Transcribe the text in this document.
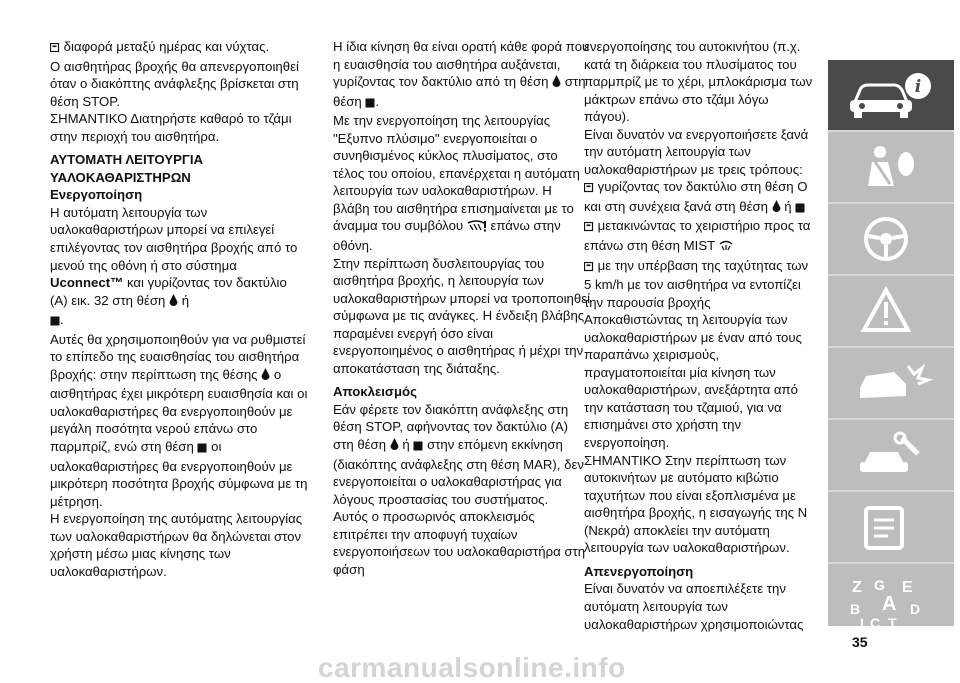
διαφορά μεταξύ ημέρας και νύχτας.

Ο αισθητήρας βροχής θα απενεργοποιηθεί όταν ο διακόπτης ανάφλεξης βρίσκεται στη θέση STOP.

ΣΗΜΑΝΤΙΚΟ Διατηρήστε καθαρό το τζάμι στην περιοχή του αισθητήρα.

ΑΥΤΟΜΑΤΗ ΛΕΙΤΟΥΡΓΙΑ

ΥΑΛΟΚΑΘΑΡΙΣΤΗΡΩΝ

Ενεργοποίηση

Η αυτόματη λειτουργία των υαλοκαθαριστήρων μπορεί να επιλεγεί επιλέγοντας τον αισθητήρα βροχής από το μενού της οθόνη ή στο σύστημα Uconnect™ και γυρίζοντας τον δακτύλιο (A) εικ. 32 στη θέση ή
.

Αυτές θα χρησιμοποιηθούν για να ρυθμιστεί το επίπεδο της ευαισθησίας του αισθητήρα βροχής: στην περίπτωση της θέσης ο αισθητήρας έχει μικρότερη ευαισθησία και οι υαλοκαθαριστήρες θα ενεργοποιηθούν με μεγάλη ποσότητα νερού επάνω στο παρμπρίζ, ενώ στη θέση οι υαλοκαθαριστήρες θα ενεργοποιηθούν με μικρότερη ποσότητα βροχής σύμφωνα με τη μέτρηση.

Η ενεργοποίηση της αυτόματης λειτουργίας των υαλοκαθαριστήρων θα δηλώνεται στον χρήστη μέσω μιας κίνησης των υαλοκαθαριστήρων.

Η ίδια κίνηση θα είναι ορατή κάθε φορά που η ευαισθησία του αισθητήρα αυξάνεται, γυρίζοντας τον δακτύλιο από τη θέση στη θέση .

Με την ενεργοποίηση της λειτουργίας "Εξυπνο πλύσιμο" ενεργοποιείται ο συνηθισμένος κύκλος πλυσίματος, στο τέλος του οποίου, επανέρχεται η αυτόματη λειτουργία των υαλοκαθαριστήρων. Η βλάβη του αισθητήρα επισημαίνεται με το άναμμα του συμβόλου επάνω στην οθόνη.

Στην περίπτωση δυσλειτουργίας του αισθητήρα βροχής, η λειτουργία των υαλοκαθαριστήρων μπορεί να τροποποιηθεί σύμφωνα με τις ανάγκες. Η ένδειξη βλάβης παραμένει ενεργή όσο είναι ενεργοποιημένος ο αισθητήρας ή μέχρι την αποκατάσταση της διάταξης.

Αποκλεισμός

Εάν φέρετε τον διακόπτη ανάφλεξης στη θέση STOP, αφήνοντας τον δακτύλιο (A) στη θέση ή στην επόμενη εκκίνηση (διακόπτης ανάφλεξης στη θέση MAR), δεν ενεργοποιείται ο υαλοκαθαριστήρας για λόγους προστασίας του συστήματος.

Αυτός ο προσωρινός αποκλεισμός επιτρέπει την αποφυγή τυχαίων ενεργοποιήσεων του υαλοκαθαριστήρα στη φάση

ενεργοποίησης του αυτοκινήτου (π.χ. κατά τη διάρκεια του πλυσίματος του παρμπρίζ με το χέρι, μπλοκάρισμα των μάκτρων επάνω στο τζάμι λόγω πάγου).

Είναι δυνατόν να ενεργοποιήσετε ξανά την αυτόματη λειτουργία των υαλοκαθαριστήρων με τρεις τρόπους:

γυρίζοντας τον δακτύλιο στη θέση O και στη συνέχεια ξανά στη θέση ή

μετακινώντας το χειριστήριο προς τα επάνω στη θέση MIST

με την υπέρβαση της ταχύτητας των 5 km/h με τον αισθητήρα να εντοπίζει την παρουσία βροχής

Αποκαθιστώντας τη λειτουργία των υαλοκαθαριστήρων με έναν από τους παραπάνω χειρισμούς, πραγματοποιείται μία κίνηση των υαλοκαθαριστήρων, ανεξάρτητα από την κατάσταση του τζαμιού, για να επισημάνει στο χρήστη την ενεργοποίηση.

ΣΗΜΑΝΤΙΚΟ Στην περίπτωση των αυτοκινήτων με αυτόματο κιβώτιο ταχυτήτων που είναι εξοπλισμένα με αισθητήρα βροχής, η εισαγωγής της N (Νεκρά) αποκλείει την αυτόματη λειτουργία των υαλοκαθαριστήρων.

Απενεργοποίηση

Είναι δυνατόν να αποεπιλέξετε την αυτόματη λειτουργία των υαλοκαθαριστήρων χρησιμοποιώντας

i
Z G E
B A D
I C T
35
carmanualsonline.info
